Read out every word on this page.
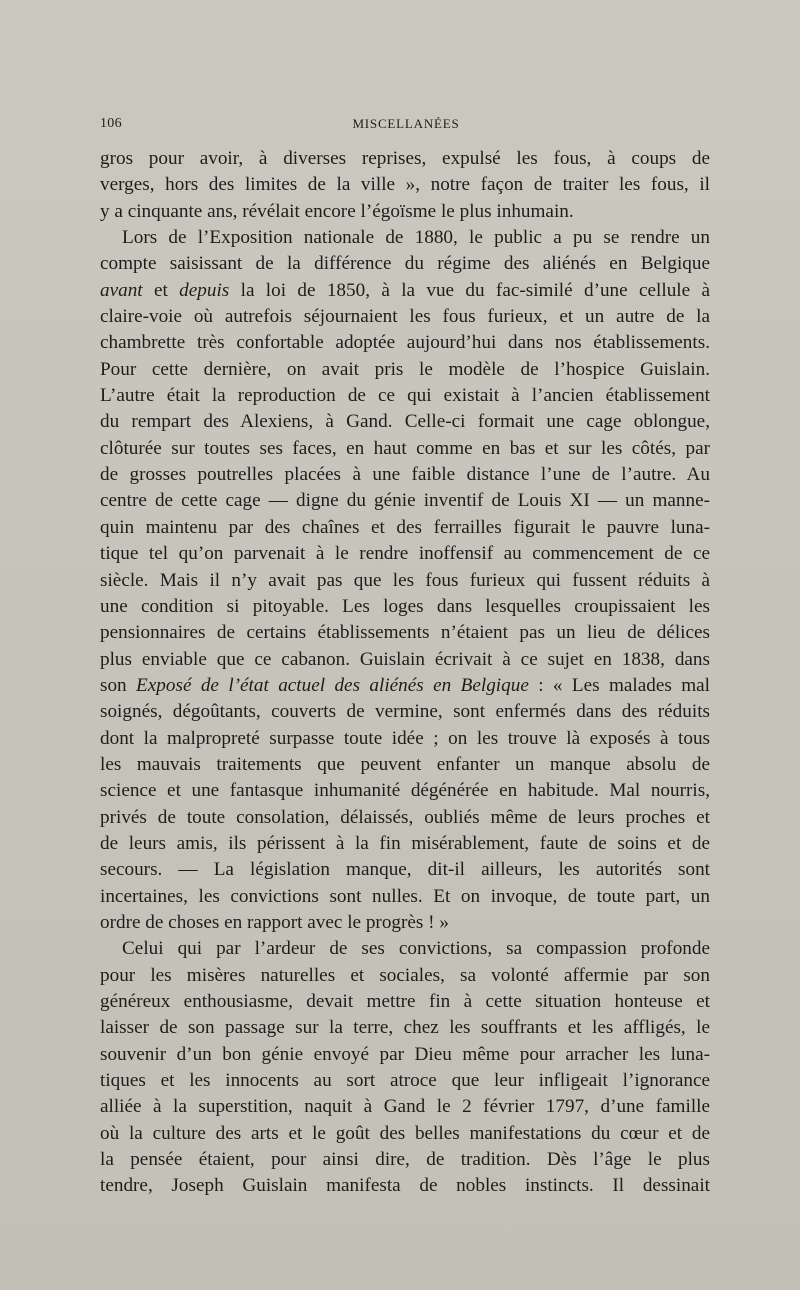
106	MISCELLANÉES
gros pour avoir, à diverses reprises, expulsé les fous, à coups de
verges, hors des limites de la ville », notre façon de traiter les fous, il
y a cinquante ans, révélait encore l’égoïsme le plus inhumain.
Lors de l’Exposition nationale de 1880, le public a pu se rendre un
compte saisissant de la différence du régime des aliénés en Belgique
avant et depuis la loi de 1850, à la vue du fac-similé d’une cellule à
claire-voie où autrefois séjournaient les fous furieux, et un autre de la
chambrette très confortable adoptée aujourd’hui dans nos établissements.
Pour cette dernière, on avait pris le modèle de l’hospice Guislain.
L’autre était la reproduction de ce qui existait à l’ancien établissement
du rempart des Alexiens, à Gand. Celle-ci formait une cage oblongue,
clôturée sur toutes ses faces, en haut comme en bas et sur les côtés, par
de grosses poutrelles placées à une faible distance l’une de l’autre. Au
centre de cette cage — digne du génie inventif de Louis XI — un manne-
quin maintenu par des chaînes et des ferrailles figurait le pauvre luna-
tique tel qu’on parvenait à le rendre inoffensif au commencement de ce
siècle. Mais il n’y avait pas que les fous furieux qui fussent réduits à
une condition si pitoyable. Les loges dans lesquelles croupissaient les
pensionnaires de certains établissements n’étaient pas un lieu de délices
plus enviable que ce cabanon. Guislain écrivait à ce sujet en 1838, dans
son Exposé de l’état actuel des aliénés en Belgique : « Les malades mal
soignés, dégoûtants, couverts de vermine, sont enfermés dans des réduits
dont la malpropreté surpasse toute idée ; on les trouve là exposés à tous
les mauvais traitements que peuvent enfanter un manque absolu de
science et une fantasque inhumanité dégénérée en habitude. Mal nourris,
privés de toute consolation, délaissés, oubliés même de leurs proches et
de leurs amis, ils périssent à la fin misérablement, faute de soins et de
secours. — La législation manque, dit-il ailleurs, les autorités sont
incertaines, les convictions sont nulles. Et on invoque, de toute part, un
ordre de choses en rapport avec le progrès ! »
Celui qui par l’ardeur de ses convictions, sa compassion profonde
pour les misères naturelles et sociales, sa volonté affermie par son
généreux enthousiasme, devait mettre fin à cette situation honteuse et
laisser de son passage sur la terre, chez les souffrants et les affligés, le
souvenir d’un bon génie envoyé par Dieu même pour arracher les luna-
tiques et les innocents au sort atroce que leur infligeait l’ignorance
alliée à la superstition, naquit à Gand le 2 février 1797, d’une famille
où la culture des arts et le goût des belles manifestations du cœur et de
la pensée étaient, pour ainsi dire, de tradition. Dès l’âge le plus
tendre, Joseph Guislain manifesta de nobles instincts. Il dessinait
